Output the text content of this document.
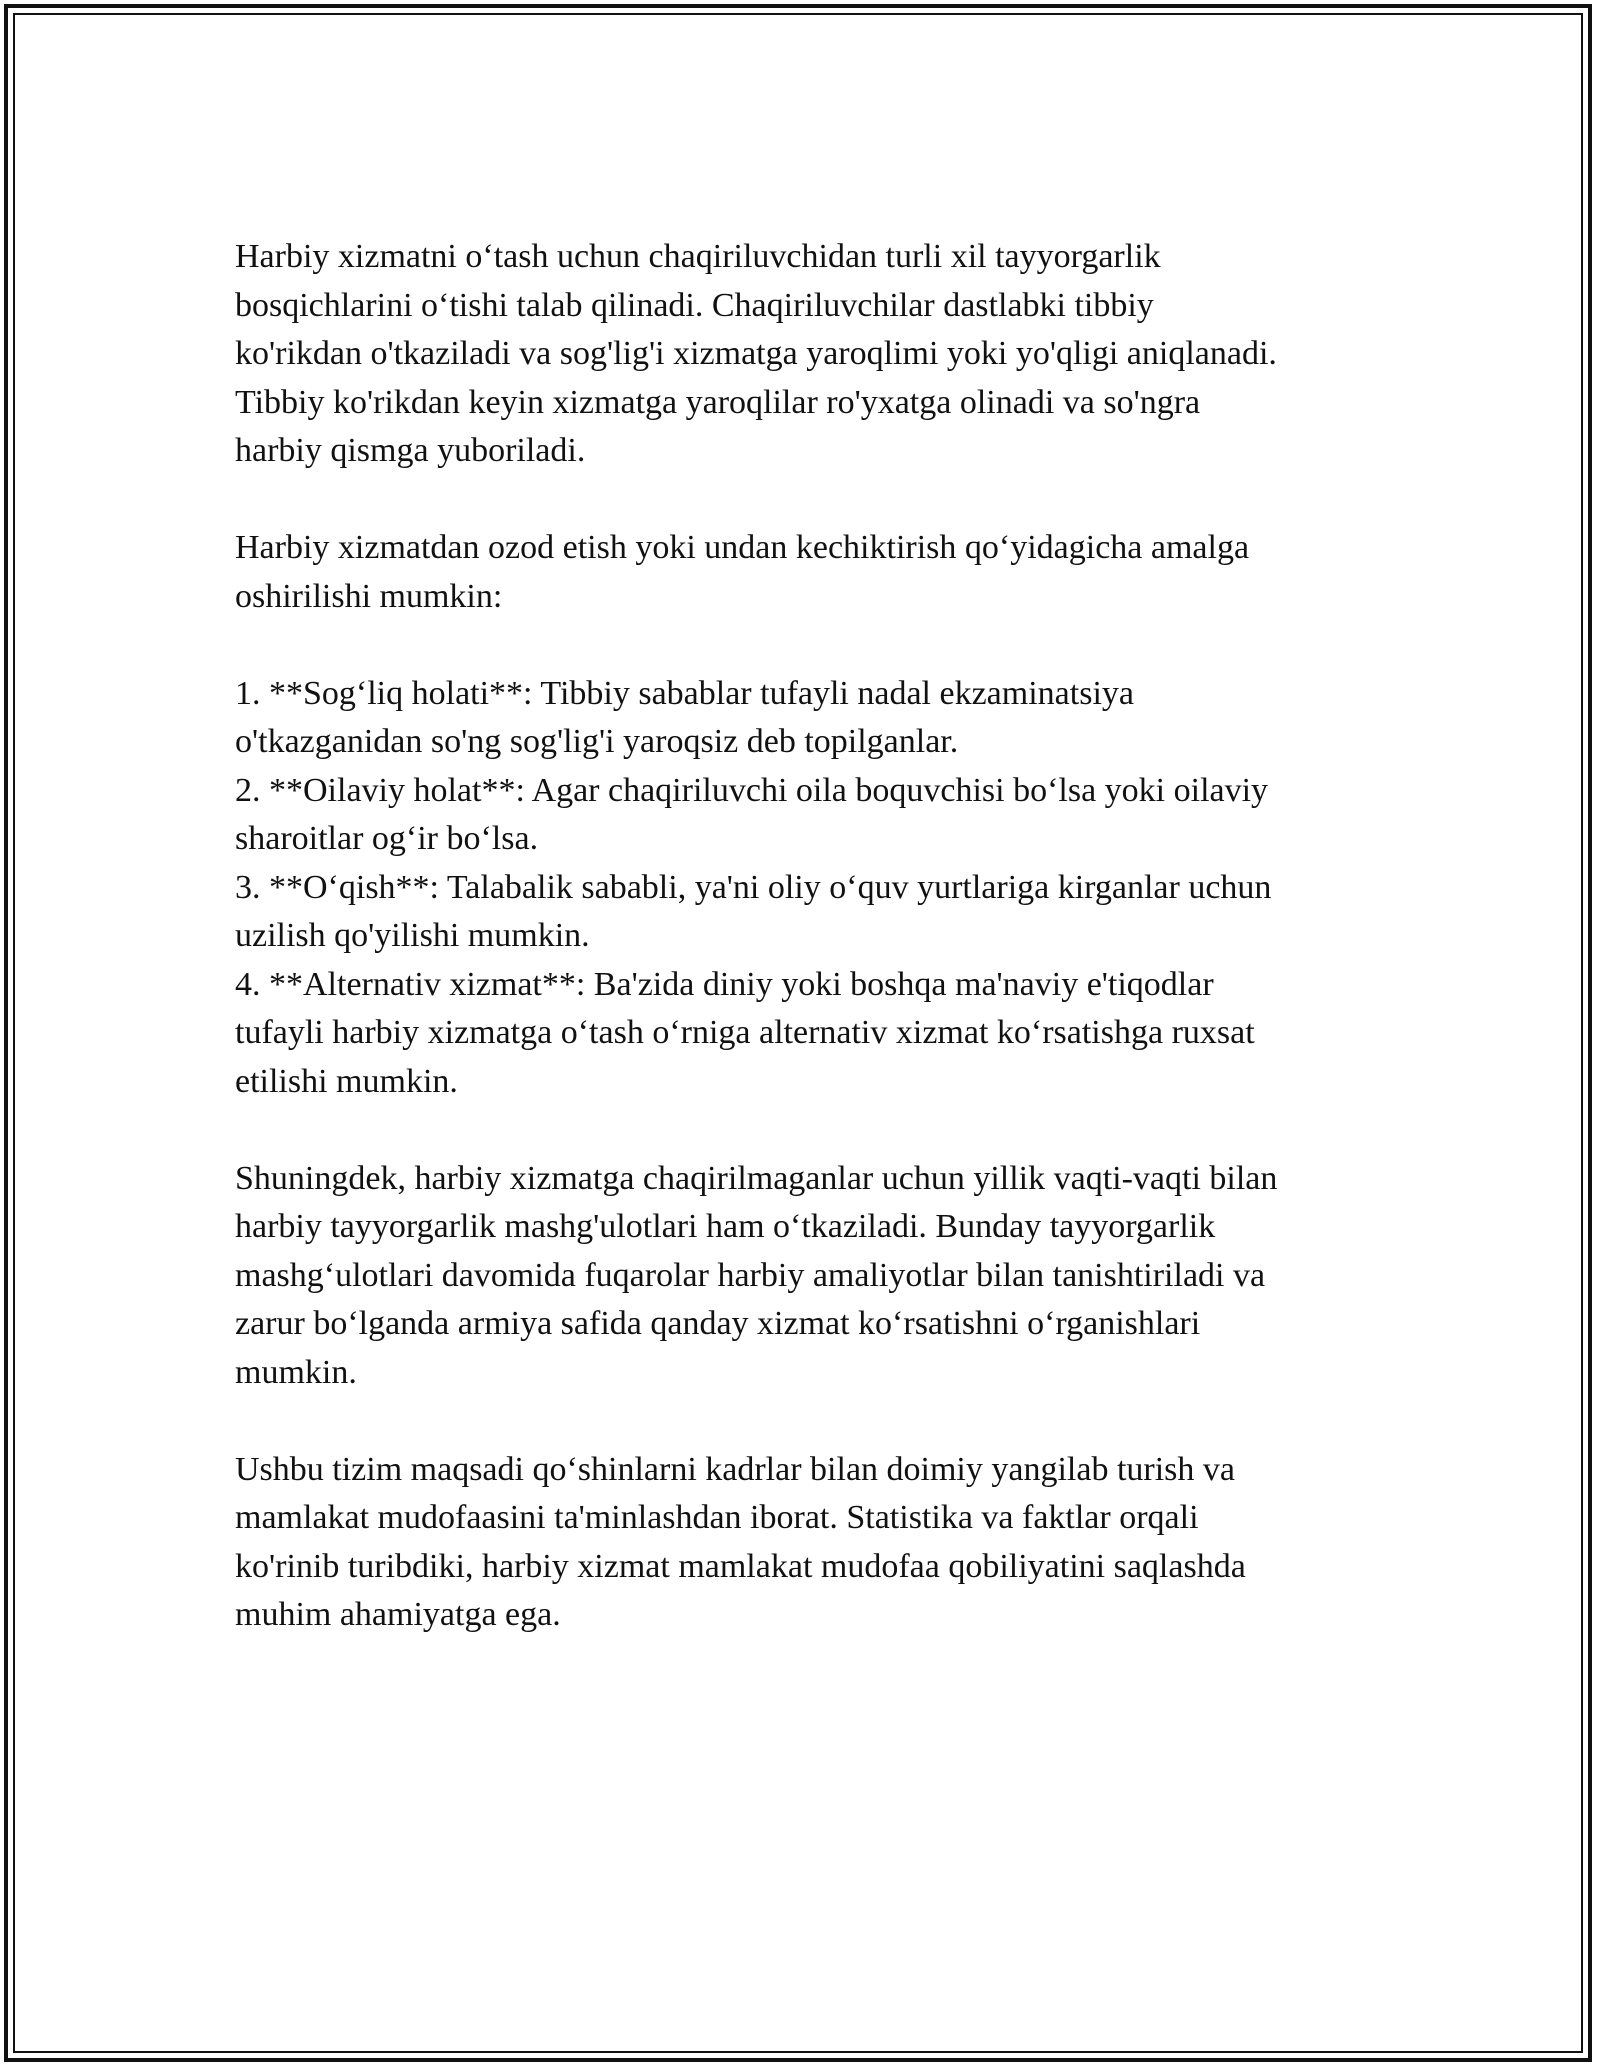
Harbiy xizmatni o‘tash uchun chaqiriluvchidan turli xil tayyorgarlik
bosqichlarini o‘tishi talab qilinadi. Chaqiriluvchilar dastlabki tibbiy
ko'rikdan o'tkaziladi va sog'lig'i xizmatga yaroqlimi yoki yo'qligi aniqlanadi.
Tibbiy ko'rikdan keyin xizmatga yaroqlilar ro'yxatga olinadi va so'ngra
harbiy qismga yuboriladi.

Harbiy xizmatdan ozod etish yoki undan kechiktirish qo‘yidagicha amalga
oshirilishi mumkin:

1. **Sog‘liq holati**: Tibbiy sabablar tufayli nadal ekzaminatsiya
o'tkazganidan so'ng sog'lig'i yaroqsiz deb topilganlar.
2. **Oilaviy holat**: Agar chaqiriluvchi oila boquvchisi bo‘lsa yoki oilaviy
sharoitlar og‘ir bo‘lsa.
3. **O‘qish**: Talabalik sababli, ya'ni oliy o‘quv yurtlariga kirganlar uchun
uzilish qo'yilishi mumkin.
4. **Alternativ xizmat**: Ba'zida diniy yoki boshqa ma'naviy e'tiqodlar
tufayli harbiy xizmatga o‘tash o‘rniga alternativ xizmat ko‘rsatishga ruxsat
etilishi mumkin.

Shuningdek, harbiy xizmatga chaqirilmaganlar uchun yillik vaqti-vaqti bilan
harbiy tayyorgarlik mashg'ulotlari ham o‘tkaziladi. Bunday tayyorgarlik
mashg‘ulotlari davomida fuqarolar harbiy amaliyotlar bilan tanishtiriladi va
zarur bo‘lganda armiya safida qanday xizmat ko‘rsatishni o‘rganishlari
mumkin.

Ushbu tizim maqsadi qo‘shinlarni kadrlar bilan doimiy yangilab turish va
mamlakat mudofaasini ta'minlashdan iborat. Statistika va faktlar orqali
ko'rinib turibdiki, harbiy xizmat mamlakat mudofaa qobiliyatini saqlashda
muhim ahamiyatga ega.
